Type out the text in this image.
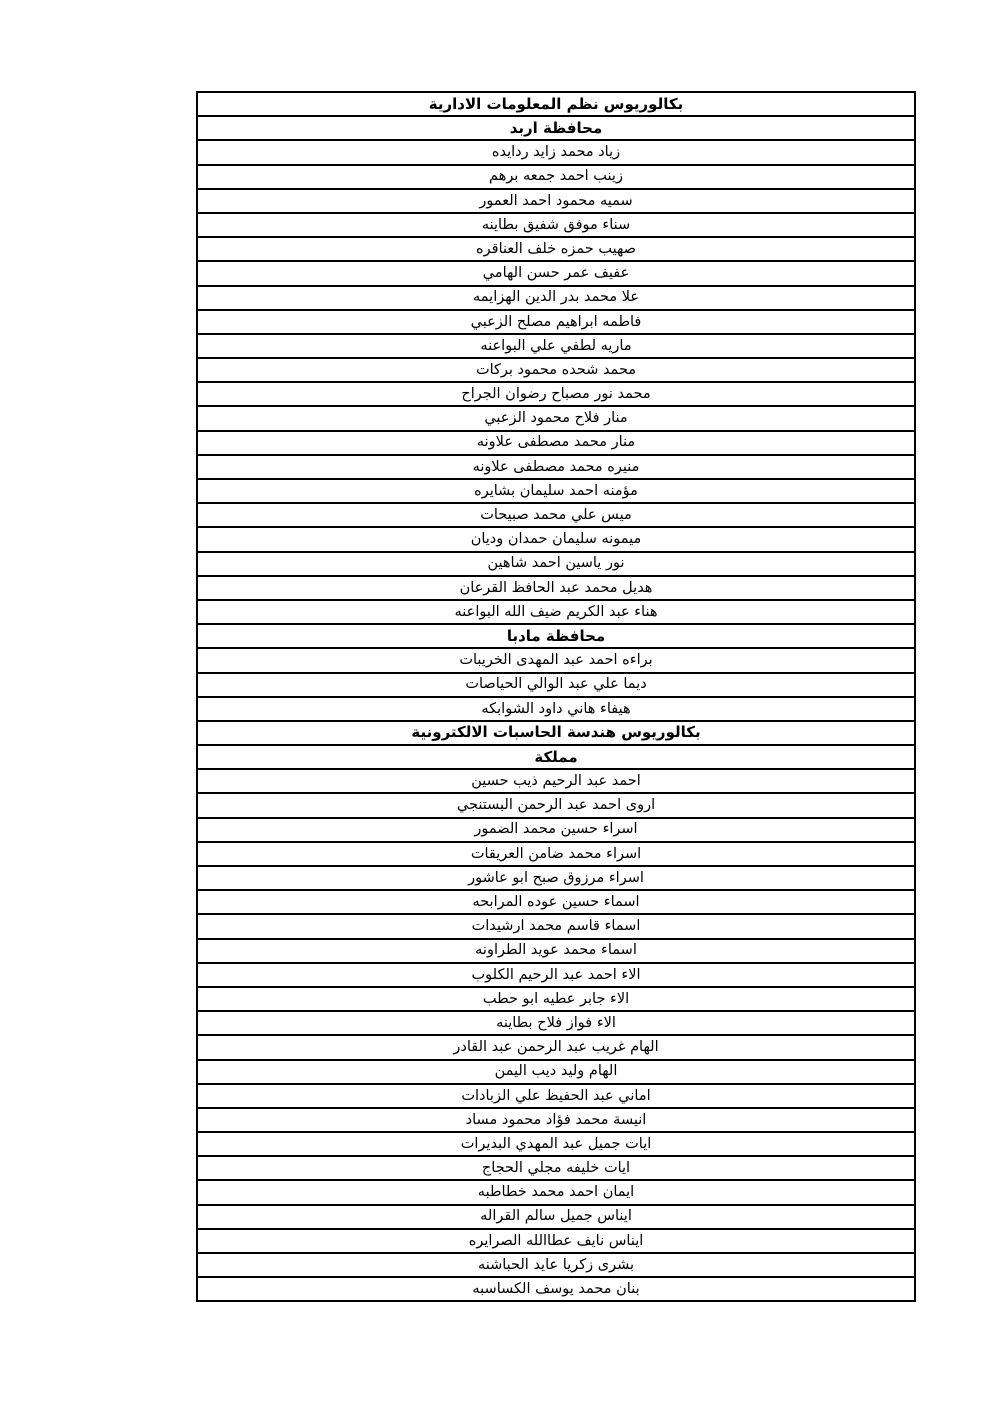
بكالوريوس نظم المعلومات الادارية
محافظة اربد
زياد محمد زايد ردايده
زينب احمد جمعه برهم
سميه محمود احمد العمور
سناء موفق شفيق بطاينه
صهيب حمزه خلف العناقره
عفيف عمر حسن الهامي
علا محمد بدر الدين الهزايمه
فاطمه ابراهيم مصلح الزعبي
ماريه لطفي علي البواعنه
محمد شحده محمود بركات
محمد نور مصباح رضوان الجراح
منار فلاح محمود الزعبي
منار محمد مصطفى علاونه
منيره محمد مصطفى علاونه
مؤمنه احمد سليمان بشايره
ميس علي محمد صبيحات
ميمونه سليمان حمدان وديان
نور ياسين احمد شاهين
هديل محمد عبد الحافظ القرعان
هناء عبد الكريم ضيف الله البواعنه
محافظة مادبا
براءه احمد عبد المهدى الخريبات
ديما علي عبد الوالي الحياصات
هيفاء هاني داود الشوابكه
بكالوريوس هندسة الحاسبات الالكترونية
مملكة
احمد عبد الرحيم ذيب حسين
اروى احمد عبد الرحمن البستنجي
اسراء حسين محمد الضمور
اسراء محمد ضامن العريقات
اسراء مرزوق صبح ابو عاشور
اسماء حسين عوده المرابحه
اسماء قاسم محمد ارشيدات
اسماء محمد عويد الطراونه
الاء احمد عبد الرحيم الكلوب
الاء جابر عطيه ابو حطب
الاء فواز فلاح بطاينه
الهام غريب عبد الرحمن عبد القادر
الهام وليد ديب اليمن
اماني عبد الحفيظ علي الزبادات
انيسة محمد فؤاد محمود مساد
ايات جميل عبد المهدي البديرات
ايات خليفه مجلي الحجاج
ايمان احمد محمد خطاطبه
ايناس جميل سالم القراله
ايناس نايف عطاالله الصرايره
بشرى زكريا عايد الحباشنه
بنان محمد يوسف الكساسبه
